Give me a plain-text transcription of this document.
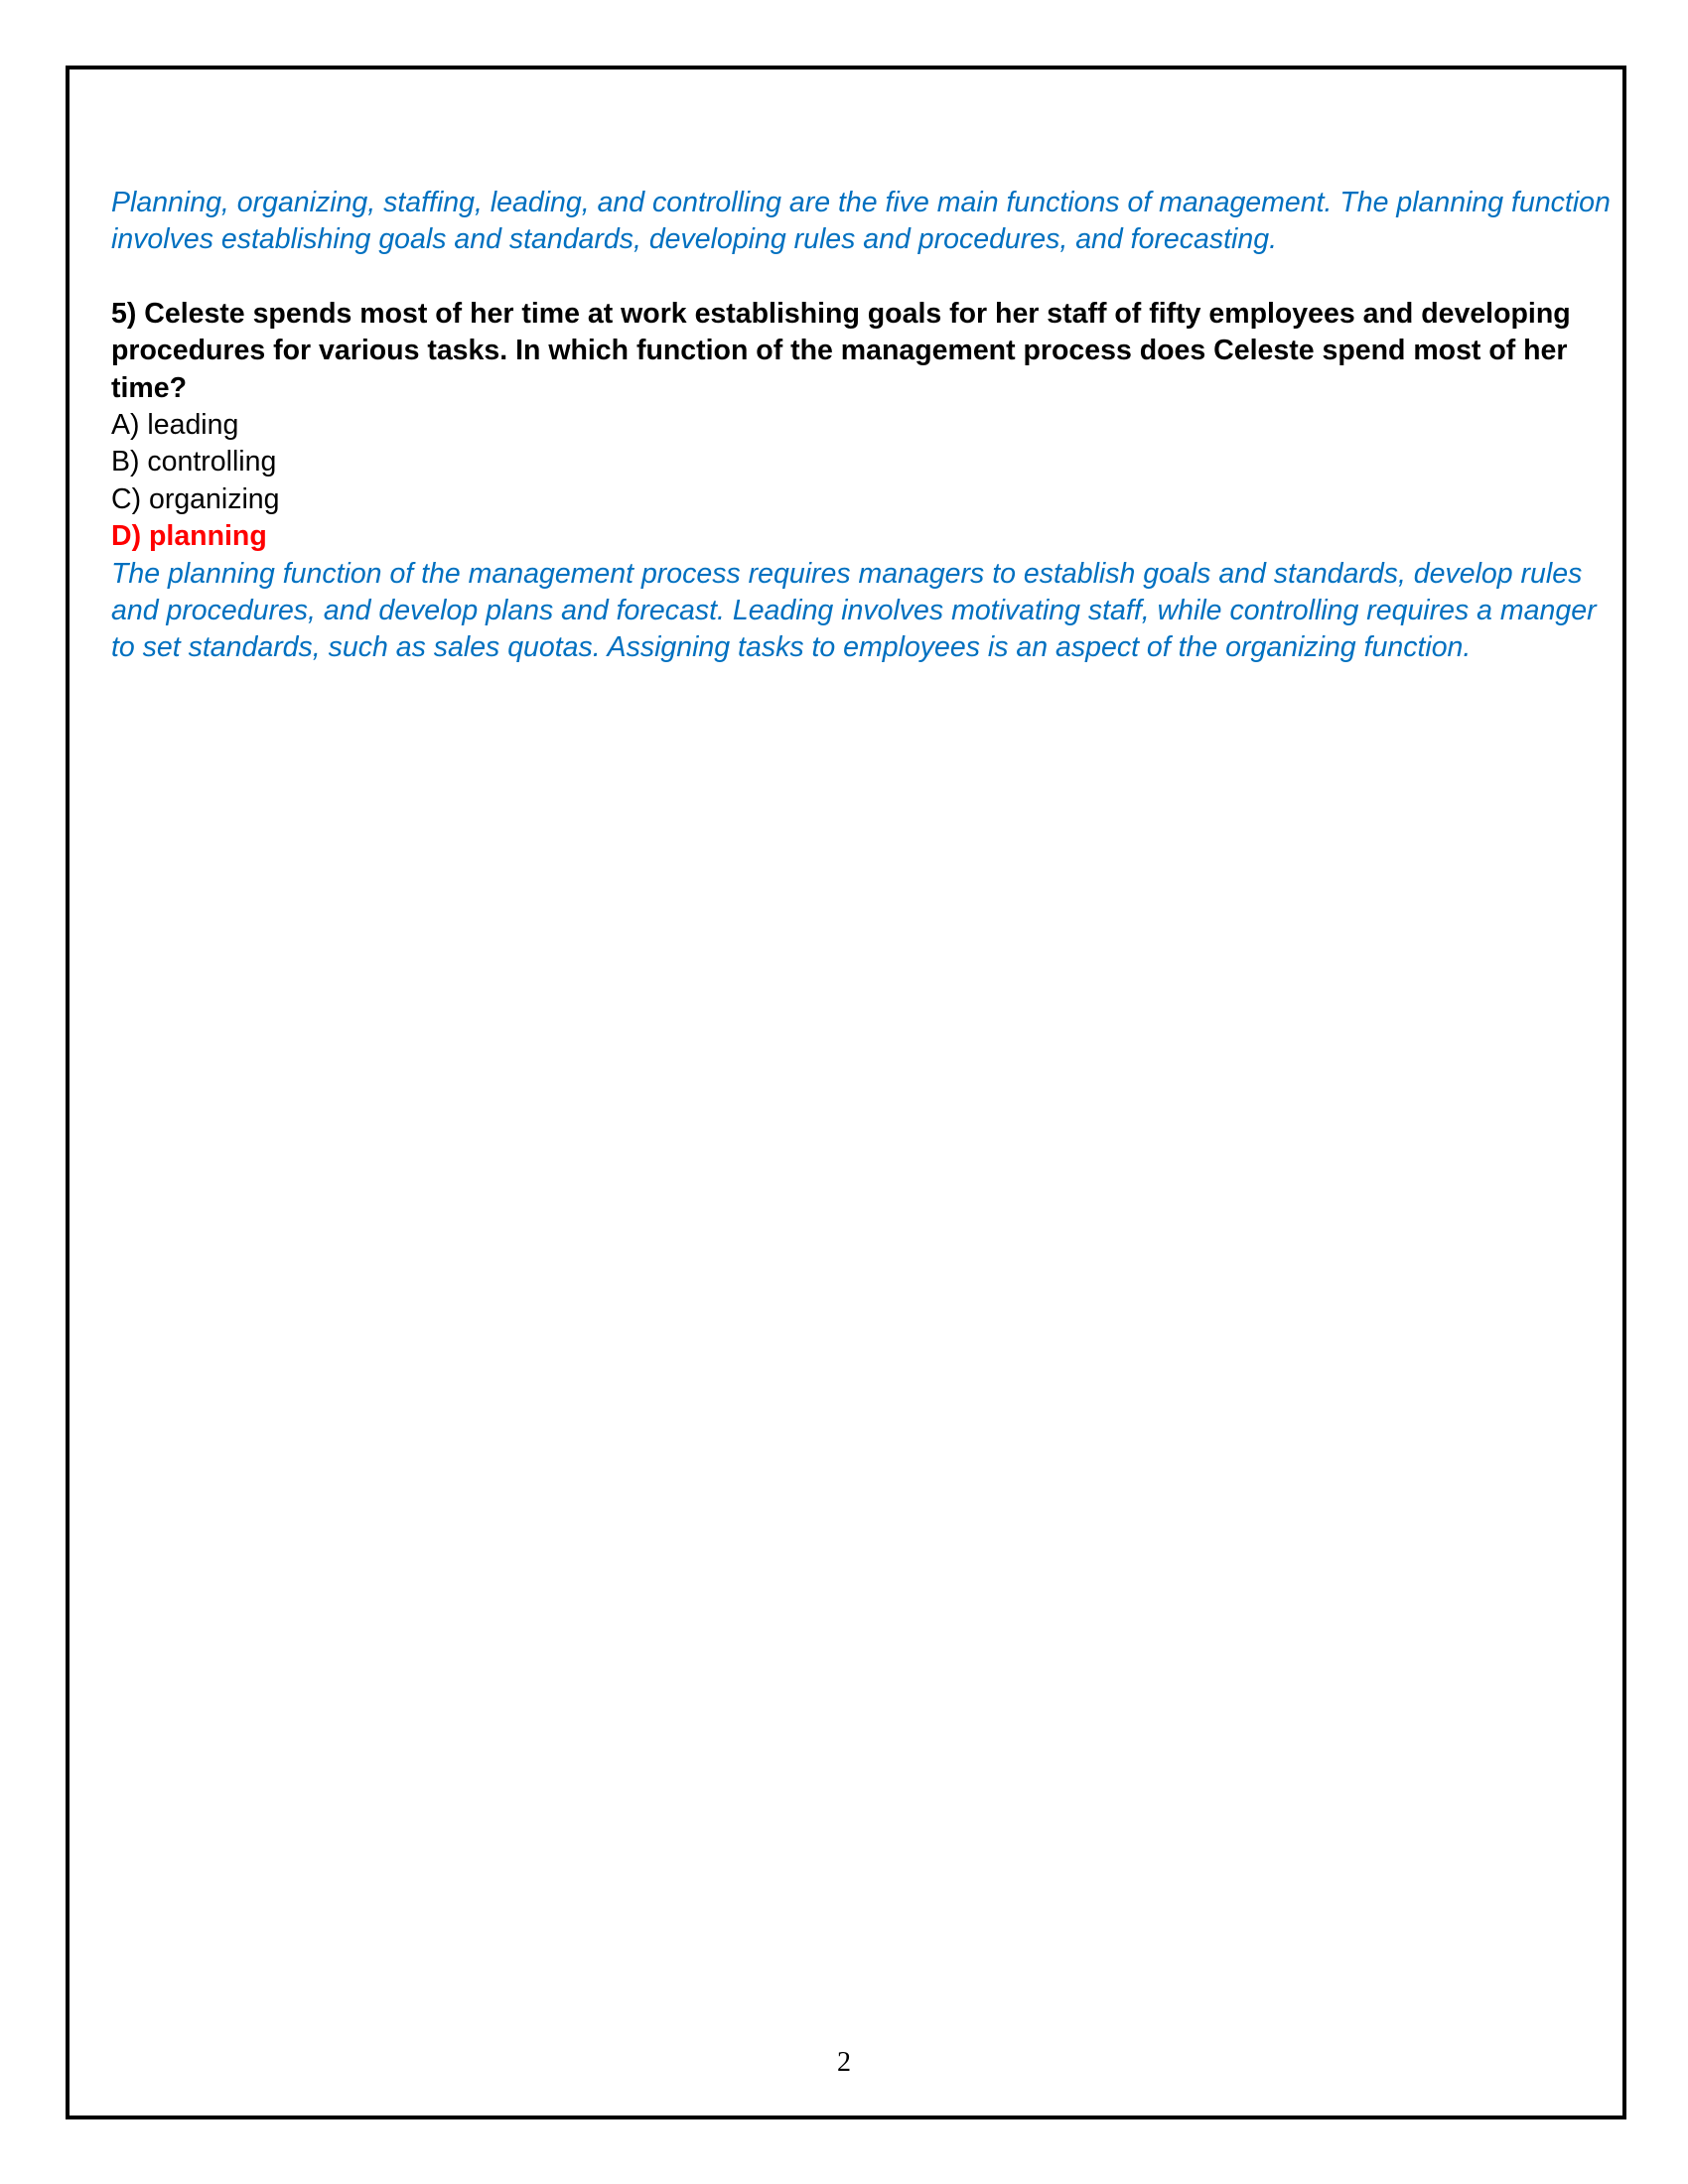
Planning, organizing, staffing, leading, and controlling are the five main functions of management. The planning function involves establishing goals and standards, developing rules and procedures, and forecasting.

5) Celeste spends most of her time at work establishing goals for her staff of fifty employees and developing procedures for various tasks. In which function of the management process does Celeste spend most of her time?

A) leading

B) controlling

C) organizing

D) planning

The planning function of the management process requires managers to establish goals and standards, develop rules and procedures, and develop plans and forecast. Leading involves motivating staff, while controlling requires a manger to set standards, such as sales quotas. Assigning tasks to employees is an aspect of the organizing function.

2
